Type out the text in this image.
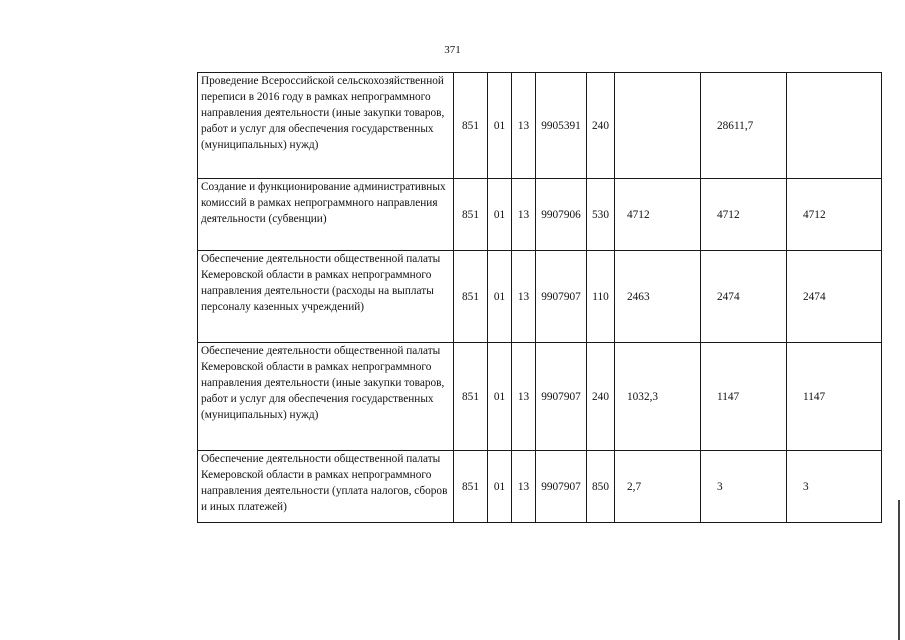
371
Проведение Всероссийской сельскохозяйственной переписи в 2016 году в рамках непрограммного направления деятельности (иные закупки товаров, работ и услуг для обеспечения государственных (муниципальных) нужд)	851	01	13	9905391	240		28611,7	
Создание и функционирование административных комиссий в рамках непрограммного направления деятельности (субвенции)	851	01	13	9907906	530	4712	4712	4712
Обеспечение деятельности общественной палаты Кемеровской области в рамках непрограммного направления деятельности (расходы на выплаты персоналу казенных учреждений)	851	01	13	9907907	110	2463	2474	2474
Обеспечение деятельности общественной палаты Кемеровской области в рамках непрограммного направления деятельности (иные закупки товаров, работ и услуг для обеспечения государственных (муниципальных) нужд)	851	01	13	9907907	240	1032,3	1147	1147
Обеспечение деятельности общественной палаты Кемеровской области в рамках непрограммного направления деятельности (уплата налогов, сборов и иных платежей)	851	01	13	9907907	850	2,7	3	3
